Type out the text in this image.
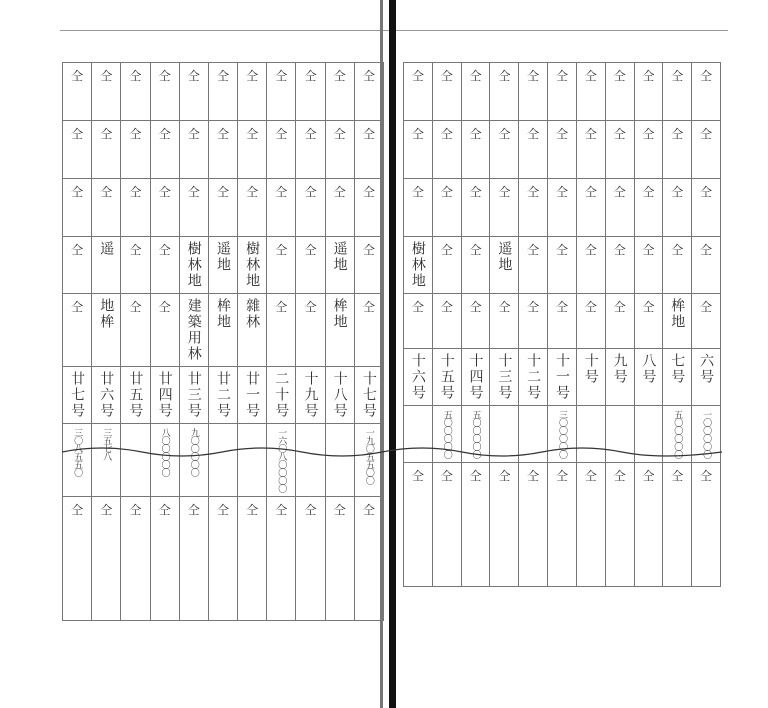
仝	仝	仝	仝	仝	仝	仝	仝	仝	仝	仝
仝	仝	仝	仝	仝	仝	仝	仝	仝	仝	仝
仝	仝	仝	仝	仝	仝	仝	仝	仝	仝	仝
仝	遥	仝	仝	樹林地	遥地	樹林地	仝	仝	遥地	仝
仝	地桙	仝	仝	建築用林	桙地	雜林	仝	仝	桙地	仝
廿七号	廿六号	廿五号	廿四号	廿三号	廿二号	廿一号	二十号	十九号	十八号	十七号
三〇八五五〇	三五七八		八〇〇〇〇〇	九〇〇〇〇〇			一六〇八〇〇〇〇			一九〇五五〇〇
仝	仝	仝	仝	仝	仝	仝	仝	仝	仝	仝
仝	仝	仝	仝	仝	仝	仝	仝	仝	仝	仝
仝	仝	仝	仝	仝	仝	仝	仝	仝	仝	仝
仝	仝	仝	仝	仝	仝	仝	仝	仝	仝	仝
樹林地	仝	仝	遥地	仝	仝	仝	仝	仝	仝	仝
仝	仝	仝	仝	仝	仝	仝	仝	仝	桙地	仝
十六号	十五号	十四号	十三号	十二号	十一号	十号	九号	八号	七号	六号
	五〇〇〇〇〇	五〇〇〇〇〇			三〇〇〇〇〇				五〇〇〇〇〇	一〇〇〇〇〇
仝	仝	仝	仝	仝	仝	仝	仝	仝	仝	仝
